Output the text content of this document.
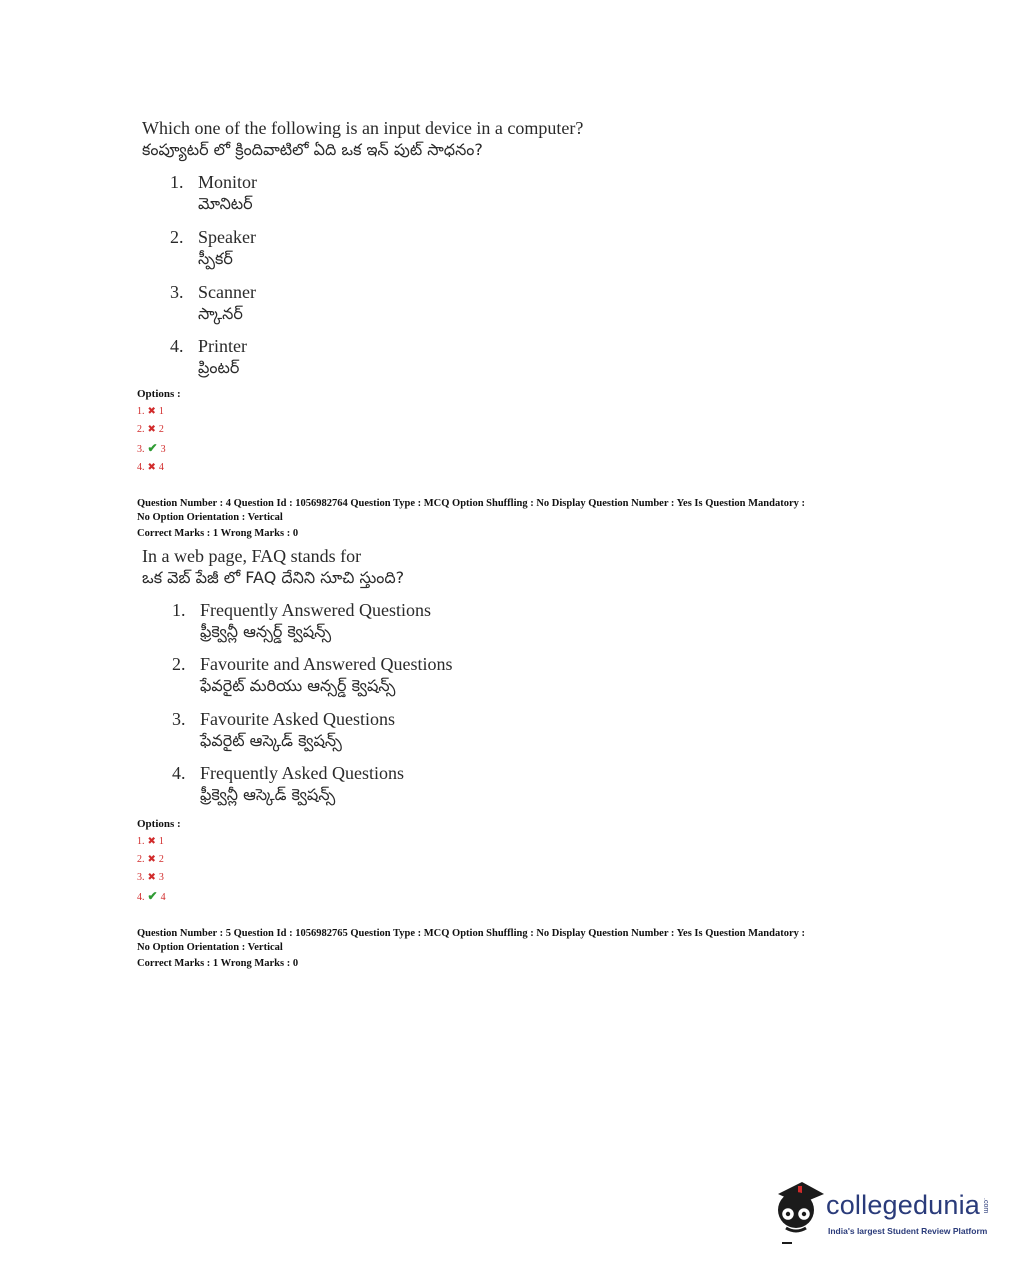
Which one of the following is an input device in a computer?
కంప్యూటర్ లో క్రిందివాటిలో ఏది ఒక ఇన్ పుట్ సాధనం?
1. Monitor
మోనిటర్
2. Speaker
స్పీకర్
3. Scanner
స్కానర్
4. Printer
ప్రింటర్
Options :
1. ✖ 1
2. ✖ 2
3. ✔ 3
4. ✖ 4
Question Number : 4 Question Id : 1056982764 Question Type : MCQ Option Shuffling : No Display Question Number : Yes Is Question Mandatory :
No Option Orientation : Vertical
Correct Marks : 1 Wrong Marks : 0
In a web page, FAQ stands for
ఒక వెబ్ పేజీ లో FAQ దేనిని సూచి స్తుంది?
1. Frequently Answered Questions
ఫ్రీక్వెన్లీ ఆన్సర్డ్ క్వెషన్స్
2. Favourite and Answered Questions
ఫేవరైట్ మరియు ఆన్సర్డ్ క్వెషన్స్
3. Favourite Asked Questions
ఫేవరైట్ ఆస్కెడ్ క్వెషన్స్
4. Frequently Asked Questions
ఫ్రీక్వెన్లీ ఆస్కెడ్ క్వెషన్స్
Options :
1. ✖ 1
2. ✖ 2
3. ✖ 3
4. ✔ 4
Question Number : 5 Question Id : 1056982765 Question Type : MCQ Option Shuffling : No Display Question Number : Yes Is Question Mandatory :
No Option Orientation : Vertical
Correct Marks : 1 Wrong Marks : 0
collegedunia .com
India's largest Student Review Platform
